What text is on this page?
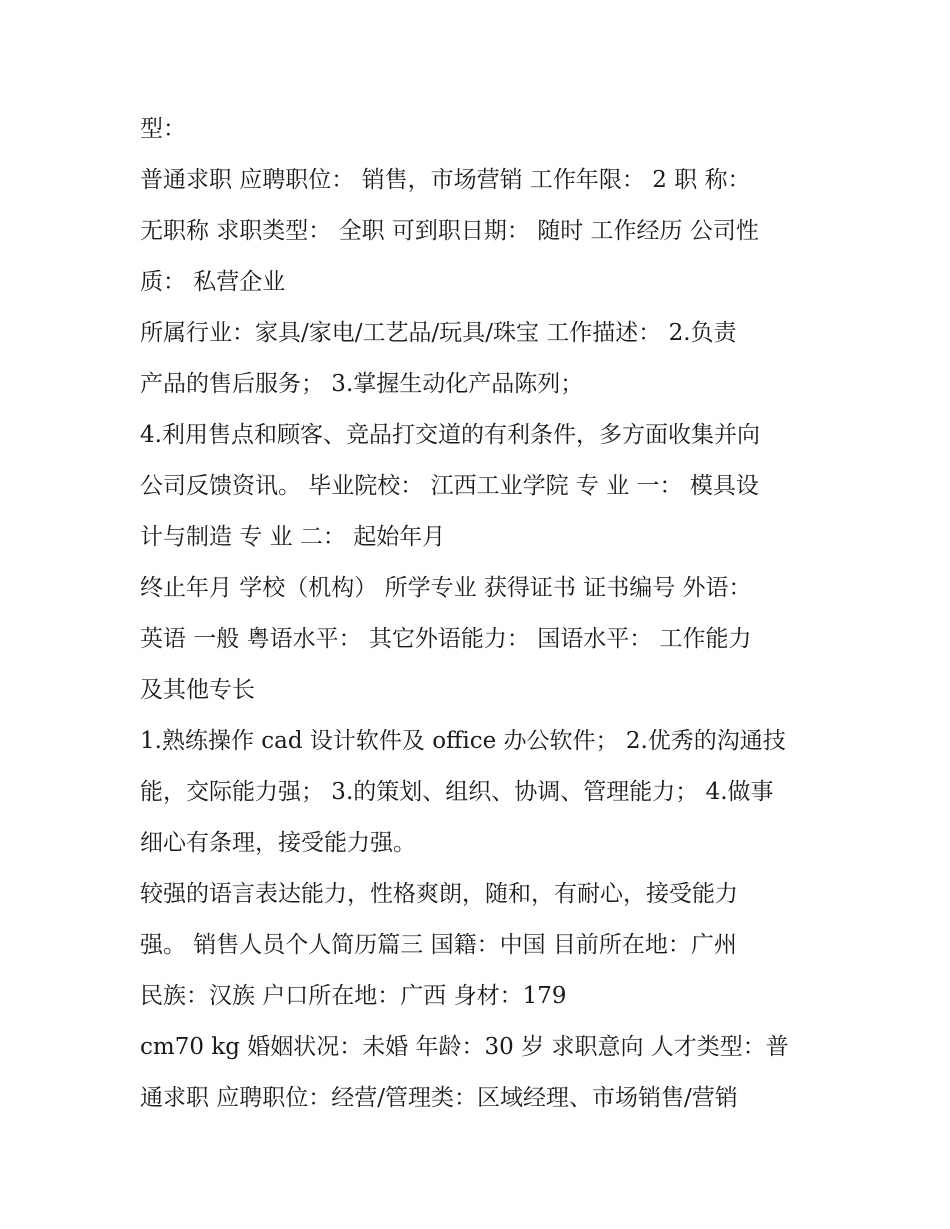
型：
普通求职 应聘职位： 销售，市场营销 工作年限： 2 职 称：
无职称 求职类型： 全职 可到职日期： 随时 工作经历 公司性
质： 私营企业
所属行业：家具/家电/工艺品/玩具/珠宝 工作描述： 2.负责
产品的售后服务； 3.掌握生动化产品陈列；
4.利用售点和顾客、竞品打交道的有利条件，多方面收集并向
公司反馈资讯。 毕业院校： 江西工业学院 专 业 一： 模具设
计与制造 专 业 二： 起始年月
终止年月 学校（机构） 所学专业 获得证书 证书编号 外语：
英语 一般 粤语水平： 其它外语能力： 国语水平： 工作能力
及其他专长
1.熟练操作 cad 设计软件及 office 办公软件； 2.优秀的沟通技
能，交际能力强； 3.的策划、组织、协调、管理能力； 4.做事
细心有条理，接受能力强。
较强的语言表达能力，性格爽朗，随和，有耐心，接受能力
强。 销售人员个人简历篇三 国籍：中国 目前所在地：广州
民族：汉族 户口所在地：广西 身材：179
cm70 kg 婚姻状况：未婚 年龄：30 岁 求职意向 人才类型：普
通求职 应聘职位：经营/管理类：区域经理、市场销售/营销
